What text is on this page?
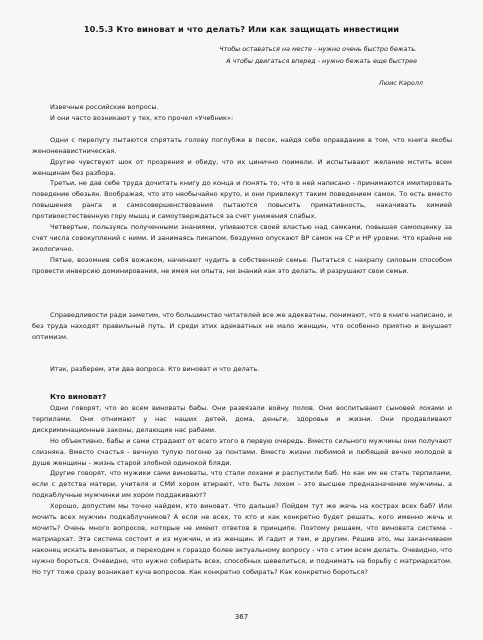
10.5.3 Кто виноват и что делать? Или как защищать инвестиции
Чтобы оставаться на месте - нужно очень быстро бежать.
А чтобы двигаться вперед - нужно бежать еще быстрее
Люис Кэролл

Извечные российские вопросы.

И они часто возникают у тех, кто прочел «Учебник»:

Одни с перепугу пытаются спрятать голову поглубже в песок, найдя себе оправдание в том, что книга якобы женоненавистническая.

Другие чувствуют шок от прозрения и обиду, что их цинично поимели. И испытывают желание мстить всем женщинам без разбора.

Третьи, не дав себе труда дочитать книгу до конца и понять то, что в ней написано - принимаются имитировать поведение обезьян. Воображая, что это необычайно круто, и они привлекут таким поведением самок. То есть вместо повышения ранга и самосовершенствования пытаются повысить примативность, накачивать химией противоестественную гору мышц и самоутверждаться за счет унижения слабых.

Четвертые, пользуясь полученными знаниями, упиваются своей властью над самками, повышая самооценку за счет числа совокуплений с ними. И занимаясь пикапом, бездумно опускают ВР самок на СР и НР уровни. Что крайне не экологично.

Пятые, возомнив себя вожаком, начинают чудить в собственной семье. Пытаться с нахрапу силовым способом провести инверсию доминирования, не имея ни опыта, ни знаний как это делать. И разрушают свои семьи.

Справедливости ради заметим, что большинство читателей все же адекватны, понимают, что в книге написано, и без труда находят правильный путь. И среди этих адекватных не мало женщин, что особенно приятно и внушает оптимизм.

Итак, разберем, эти два вопроса. Кто виноват и что делать.

Кто виноват?

Одни говорят, что во всем виноваты бабы. Они развязали войну полов. Они воспитывают сыновей лохами и терпилами. Они отнимают у нас наших детей, дома, деньги, здоровье и жизни. Они продавливают дискриминационные законы, делающие нас рабами.

Но объективно, бабы и сами страдают от всего этого в первую очередь. Вместо сильного мужчины они получают слизняка. Вместо счастья - вечную тупую погоню за понтами. Вместо жизни любимой и любящей вечно молодой в душе женщины - жизнь старой злобной одинокой бляди.

Другие говорят, что мужики сами виноваты, что стали лохами и распустили баб. Но как им не стать терпилами, если с детства матери, учителя и СМИ хором втирают, что быть лохом - это высшее предназначение мужчины, а подкаблучные мужчинки им хором поддакивают?

Хорошо, допустим мы точно найдем, кто виноват. Что дальше? Пойдем тут же жечь на кострах всех баб? Или мочить всех мужчин подкаблучников? А если не всех, то кто и как конкретно будет решать, кого именно жечь и мочить? Очень много вопросов, которые не имеют ответов в принципе. Поэтому решаем, что виновата система - матриархат. Эта система состоит и из мужчин, и из женщин. И гадит и тем, и другим. Решив это, мы заканчиваем наконец искать виноватых, и переходим к гораздо более актуальному вопросу - что с этим всем делать. Очевидно, что нужно бороться. Очевидно, что нужно собирать всех, способных шевелиться, и поднимать на борьбу с матриархатом. Но тут тоже сразу возникает куча вопросов. Как конкретно собирать? Как конкретно бороться?

367
